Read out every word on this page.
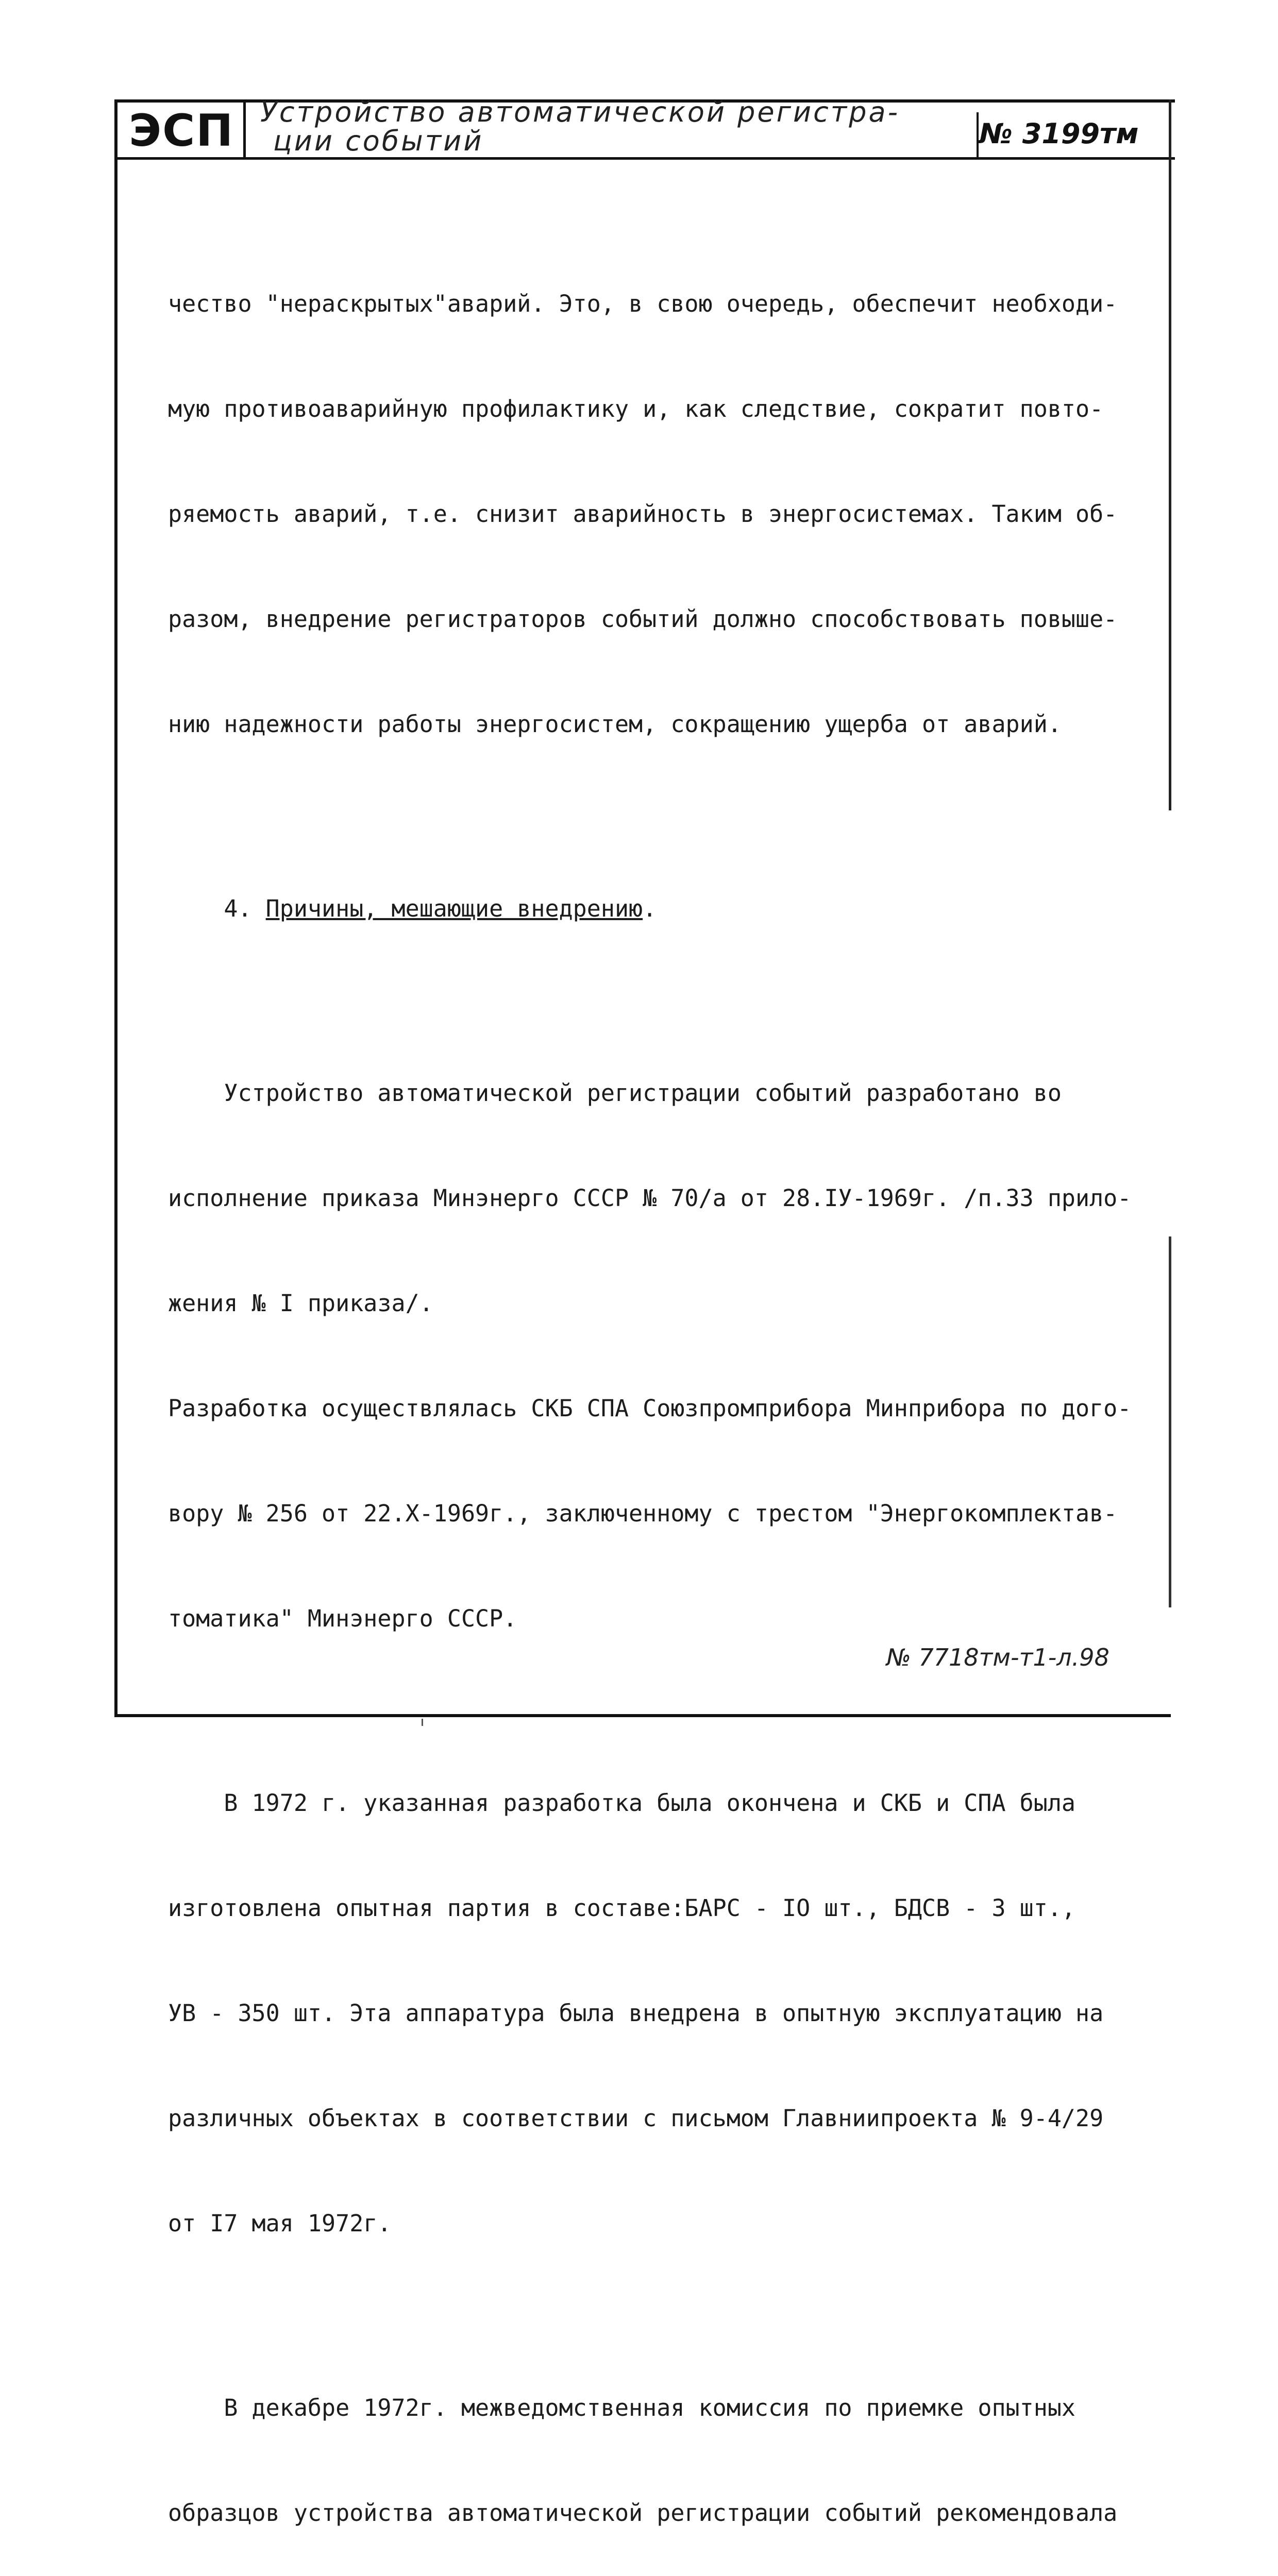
ЭСП Устройство автоматической регистра-
ции событий	№ 3199тм

чество "нераскрытых"аварий. Это, в свою очередь, обеспечит необходи-

мую противоаварийную профилактику и, как следствие, сократит повто-

ряемость аварий, т.е. снизит аварийность в энергосистемах. Таким об-

разом, внедрение регистраторов событий должно способствовать повыше-

нию надежности работы энергосистем, сокращению ущерба от аварий.

4. Причины, мешающие внедрению.

Устройство автоматической регистрации событий разработано во

исполнение приказа Минэнерго СССР № 70/а от 28.IУ-1969г. /п.33 прило-

жения № I приказа/.

Разработка осуществлялась СКБ СПА Союзпромприбора Минприбора по дого-

вору № 256 от 22.Х-1969г., заключенному с трестом "Энергокомплектав-

томатика" Минэнерго СССР.

В 1972 г. указанная разработка была окончена и СКБ и СПА была

изготовлена опытная партия в составе:БАРС - IO шт., БДСВ - 3 шт.,

УВ - 350 шт. Эта аппаратура была внедрена в опытную эксплуатацию на

различных объектах в соответствии с письмом Главниипроекта № 9-4/29

от I7 мая 1972г.

В декабре 1972г. межведомственная комиссия по приемке опытных

образцов устройства автоматической регистрации событий рекомендовала

№ 7718тм-т1-л.98
